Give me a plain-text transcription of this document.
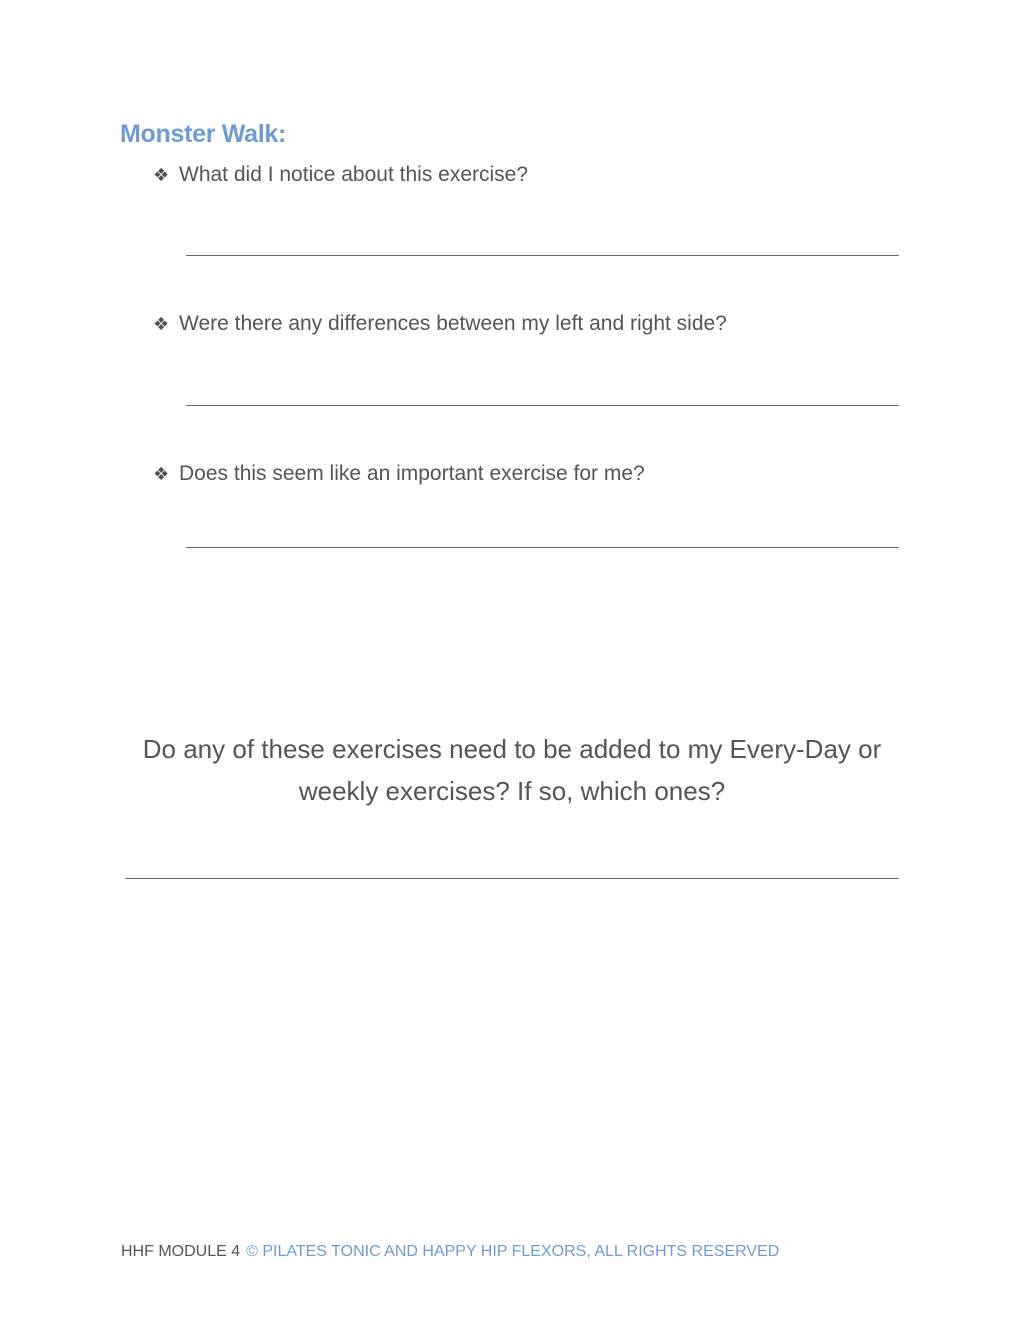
Monster Walk:
❖ What did I notice about this exercise?
❖ Were there any differences between my left and right side?
❖ Does this seem like an important exercise for me?
Do any of these exercises need to be added to my Every-Day or
weekly exercises? If so, which ones?
HHF MODULE 4 © PILATES TONIC AND HAPPY HIP FLEXORS, ALL RIGHTS RESERVED
